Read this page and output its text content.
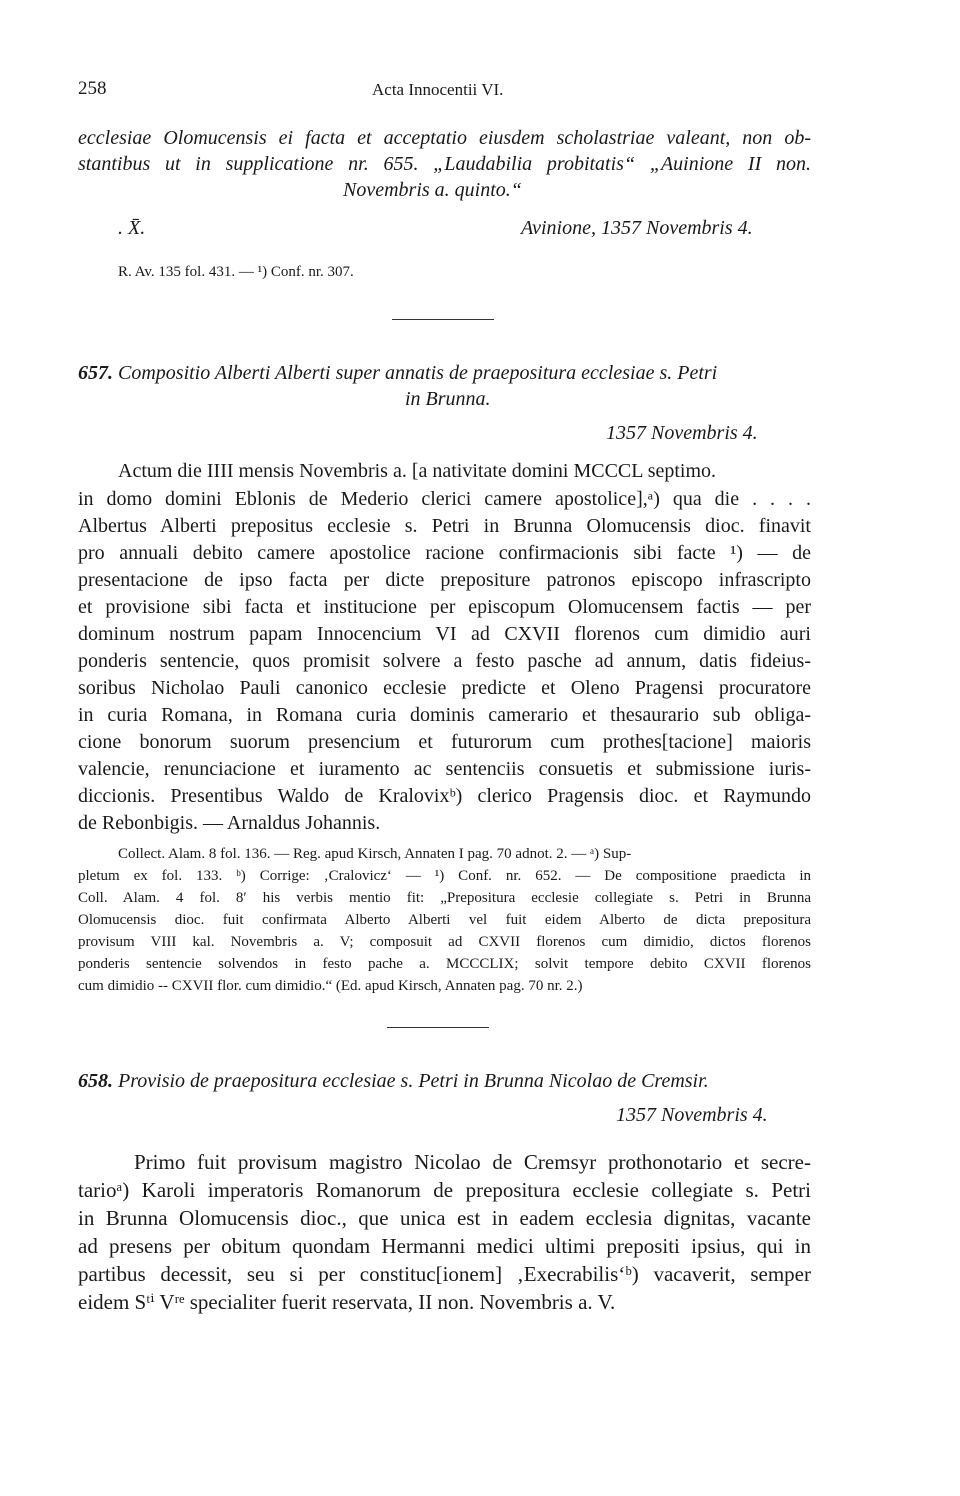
258	Acta Innocentii VI.
ecclesiae Olomucensis ei facta et acceptatio eiusdem scholastriae valeant, non ob-
stantibus ut in supplicatione nr. 655. „Laudabilia probitatis“ „Auinione II non.
Novembris a. quinto.“
. X̄.	Avinione, 1357 Novembris 4.
R. Av. 135 fol. 431. — ¹) Conf. nr. 307.
657. Compositio Alberti Alberti super annatis de praepositura ecclesiae s. Petri
in Brunna.
1357 Novembris 4.
Actum die IIII mensis Novembris a. [a nativitate domini MCCCL septimo.
in domo domini Eblonis de Mederio clerici camere apostolice],ᵃ) qua die . . . .
Albertus Alberti prepositus ecclesie s. Petri in Brunna Olomucensis dioc. finavit
pro annuali debito camere apostolice racione confirmacionis sibi facte ¹) — de
presentacione de ipso facta per dicte prepositure patronos episcopo infrascripto
et provisione sibi facta et institucione per episcopum Olomucensem factis — per
dominum nostrum papam Innocencium VI ad CXVII florenos cum dimidio auri
ponderis sentencie, quos promisit solvere a festo pasche ad annum, datis fideius-
soribus Nicholao Pauli canonico ecclesie predicte et Oleno Pragensi procuratore
in curia Romana, in Romana curia dominis camerario et thesaurario sub obliga-
cione bonorum suorum presencium et futurorum cum prothes[tacione] maioris
valencie, renunciacione et iuramento ac sentenciis consuetis et submissione iuris-
diccionis. Presentibus Waldo de Kralovixᵇ) clerico Pragensis dioc. et Raymundo
de Rebonbigis. — Arnaldus Johannis.
Collect. Alam. 8 fol. 136. — Reg. apud Kirsch, Annaten I pag. 70 adnot. 2. — ᵃ) Sup-
pletum ex fol. 133. ᵇ) Corrige: ‚Cralovicz‘ — ¹) Conf. nr. 652. — De compositione praedicta in
Coll. Alam. 4 fol. 8′ his verbis mentio fit: „Prepositura ecclesie collegiate s. Petri in Brunna
Olomucensis dioc. fuit confirmata Alberto Alberti vel fuit eidem Alberto de dicta prepositura
provisum VIII kal. Novembris a. V; composuit ad CXVII florenos cum dimidio, dictos florenos
ponderis sentencie solvendos in festo pache a. MCCCLIX; solvit tempore debito CXVII florenos
cum dimidio -- CXVII flor. cum dimidio.“ (Ed. apud Kirsch, Annaten pag. 70 nr. 2.)
658. Provisio de praepositura ecclesiae s. Petri in Brunna Nicolao de Cremsir.
1357 Novembris 4.
Primo fuit provisum magistro Nicolao de Cremsyr prothonotario et secre-
tarioᵃ) Karoli imperatoris Romanorum de prepositura ecclesie collegiate s. Petri
in Brunna Olomucensis dioc., que unica est in eadem ecclesia dignitas, vacante
ad presens per obitum quondam Hermanni medici ultimi prepositi ipsius, qui in
partibus decessit, seu si per constituc[ionem] ‚Execrabilis‘ᵇ) vacaverit, semper
eidem Sᵗⁱ Vʳᵉ specialiter fuerit reservata, II non. Novembris a. V.
